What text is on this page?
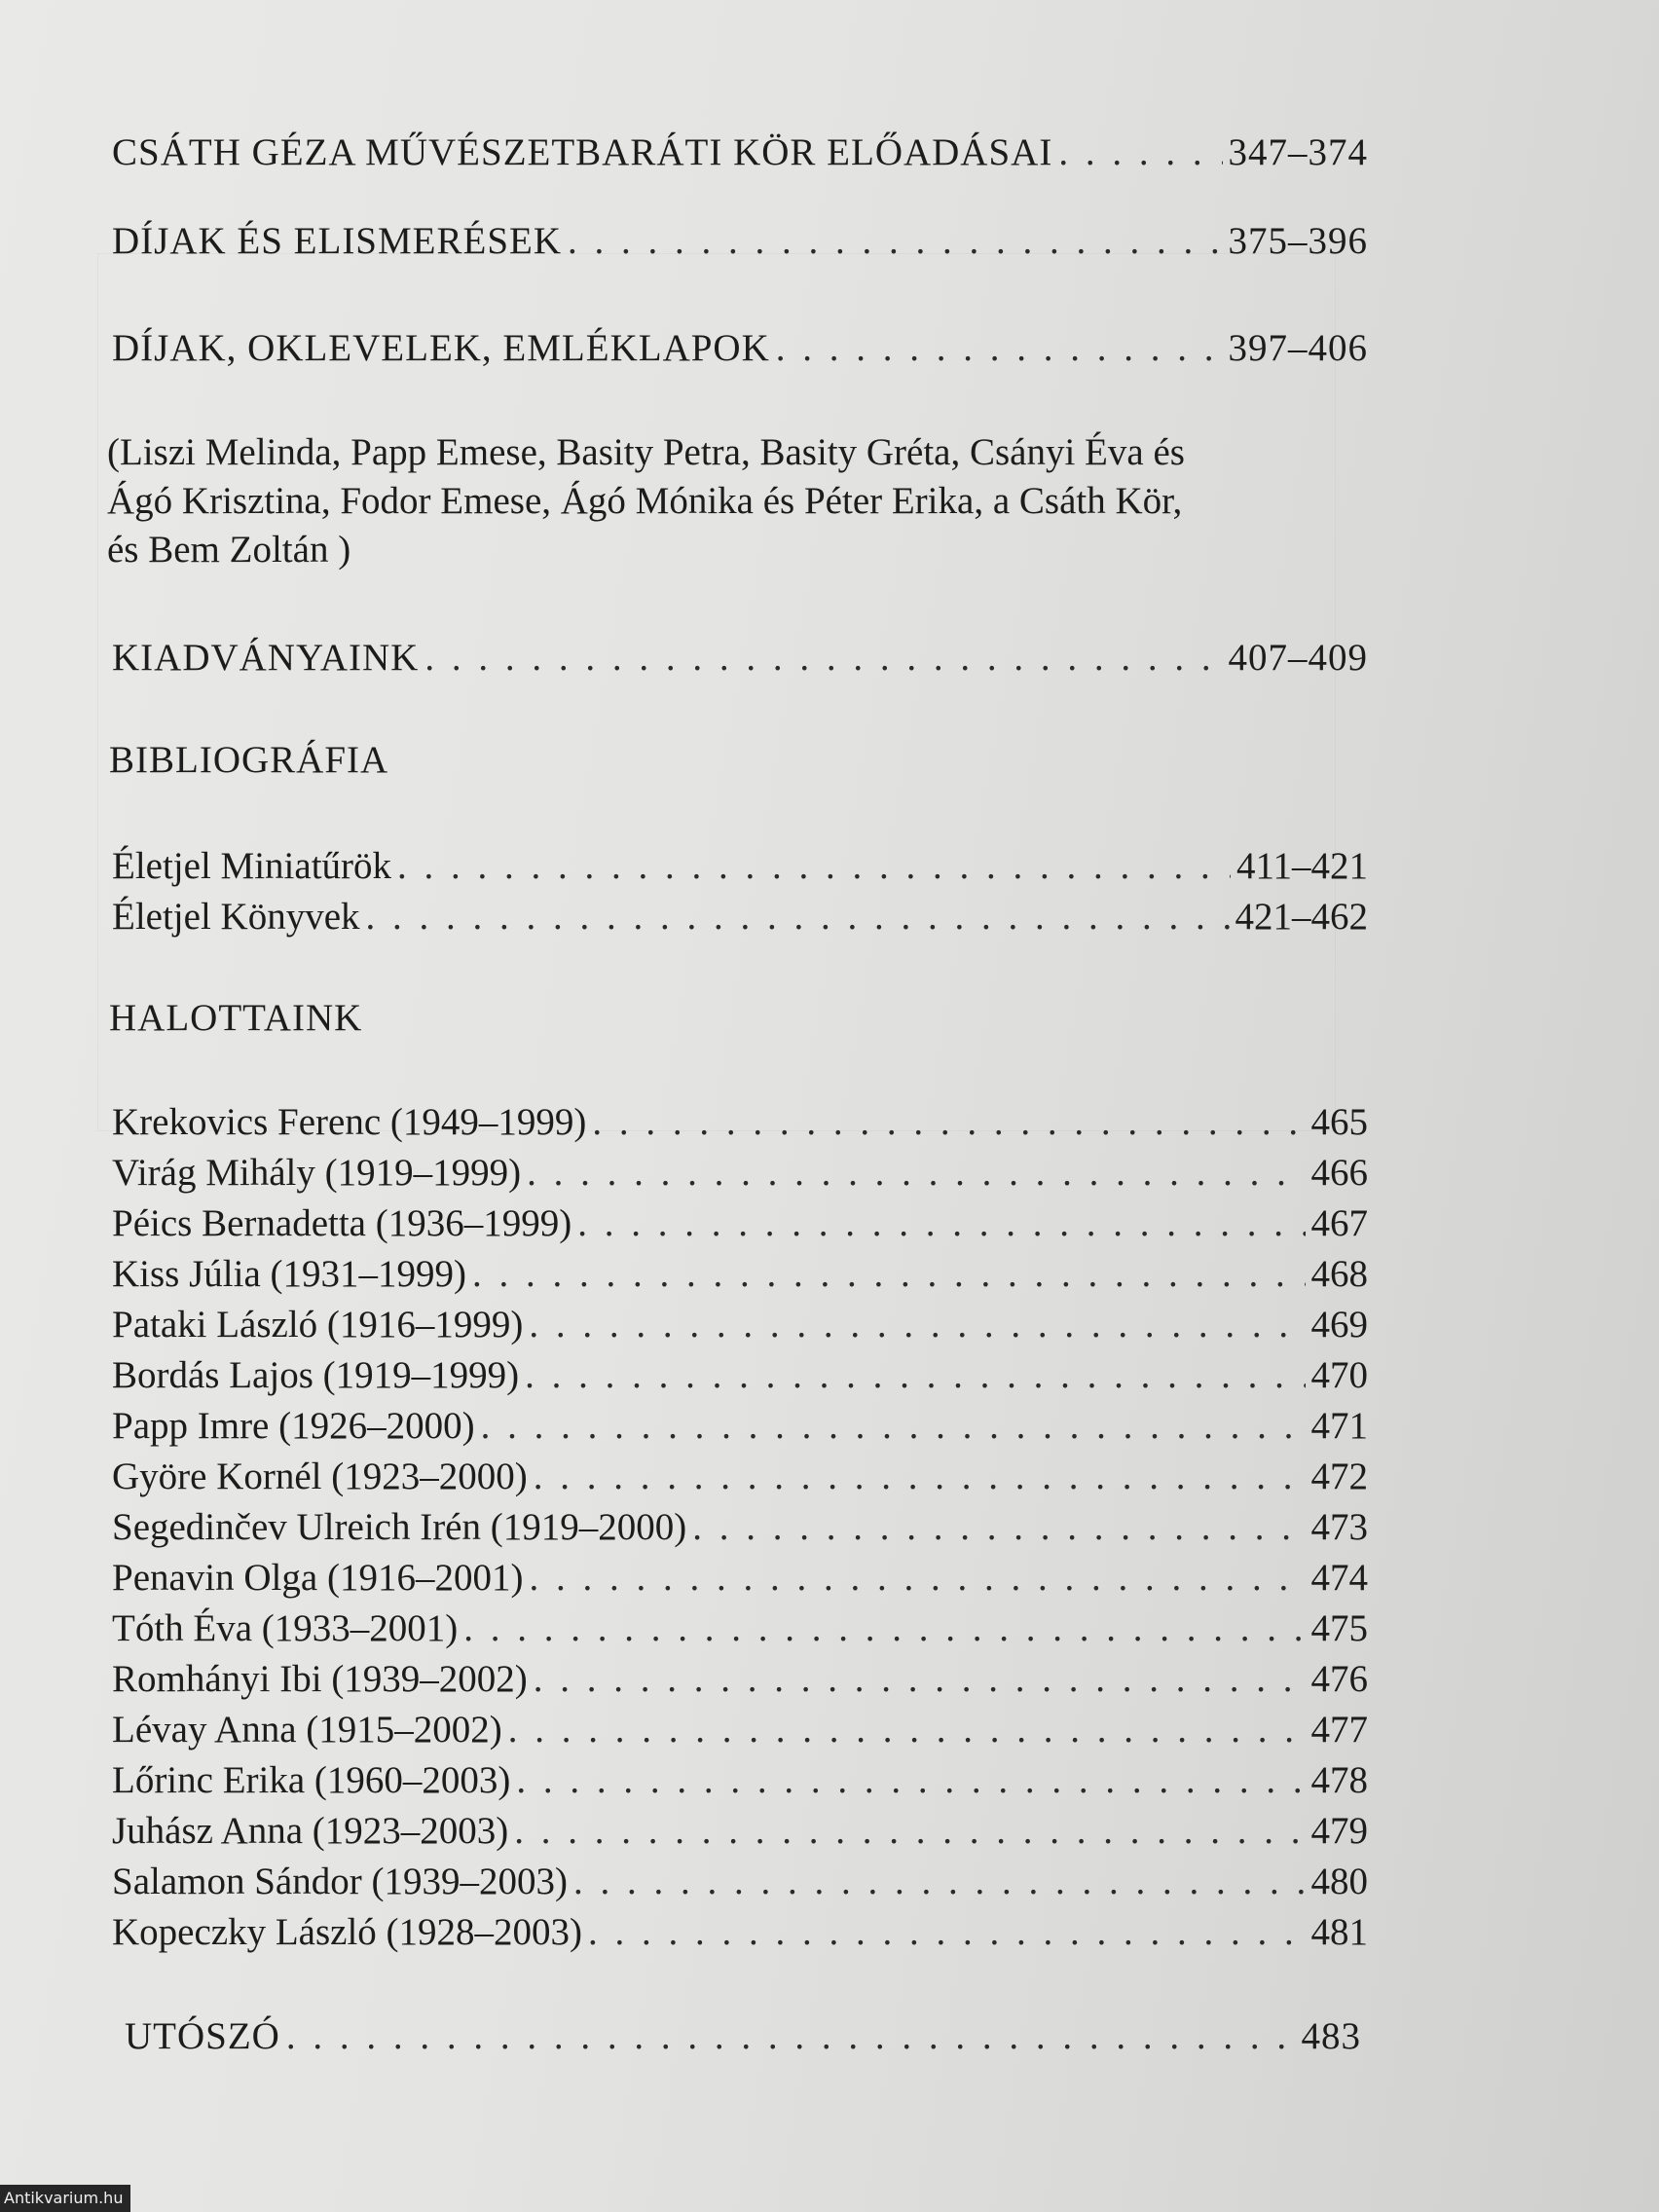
CSÁTH GÉZA MŰVÉSZETBARÁTI KÖR ELŐADÁSAI . . .	347–374
DÍJAK ÉS ELISMERÉSEK . . .	375–396
DÍJAK, OKLEVELEK, EMLÉKLAPOK . . .	397–406

(Liszi Melinda, Papp Emese, Basity Petra, Basity Gréta, Csányi Éva és

Ágó Krisztina, Fodor Emese, Ágó Mónika és Péter Erika, a Csáth Kör,

és Bem Zoltán )

KIADVÁNYAINK . . .	407–409
BIBLIOGRÁFIA
Életjel Miniatűrök . . .	411–421
Életjel Könyvek . . .	421–462
HALOTTAINK
Krekovics Ferenc (1949–1999) . . .	465
Virág Mihály (1919–1999) . . .	466
Péics Bernadetta (1936–1999) . . .	467
Kiss Júlia (1931–1999) . . .	468
Pataki László (1916–1999) . . .	469
Bordás Lajos (1919–1999) . . .	470
Papp Imre (1926–2000) . . .	471
Györe Kornél (1923–2000) . . .	472
Segedinčev Ulreich Irén (1919–2000) . . .	473
Penavin Olga (1916–2001) . . .	474
Tóth Éva (1933–2001) . . .	475
Romhányi Ibi (1939–2002) . . .	476
Lévay Anna (1915–2002) . . .	477
Lőrinc Erika (1960–2003) . . .	478
Juhász Anna (1923–2003) . . .	479
Salamon Sándor (1939–2003) . . .	480
Kopeczky László (1928–2003) . . .	481
UTÓSZÓ . . .	483
Antikvarium.hu
